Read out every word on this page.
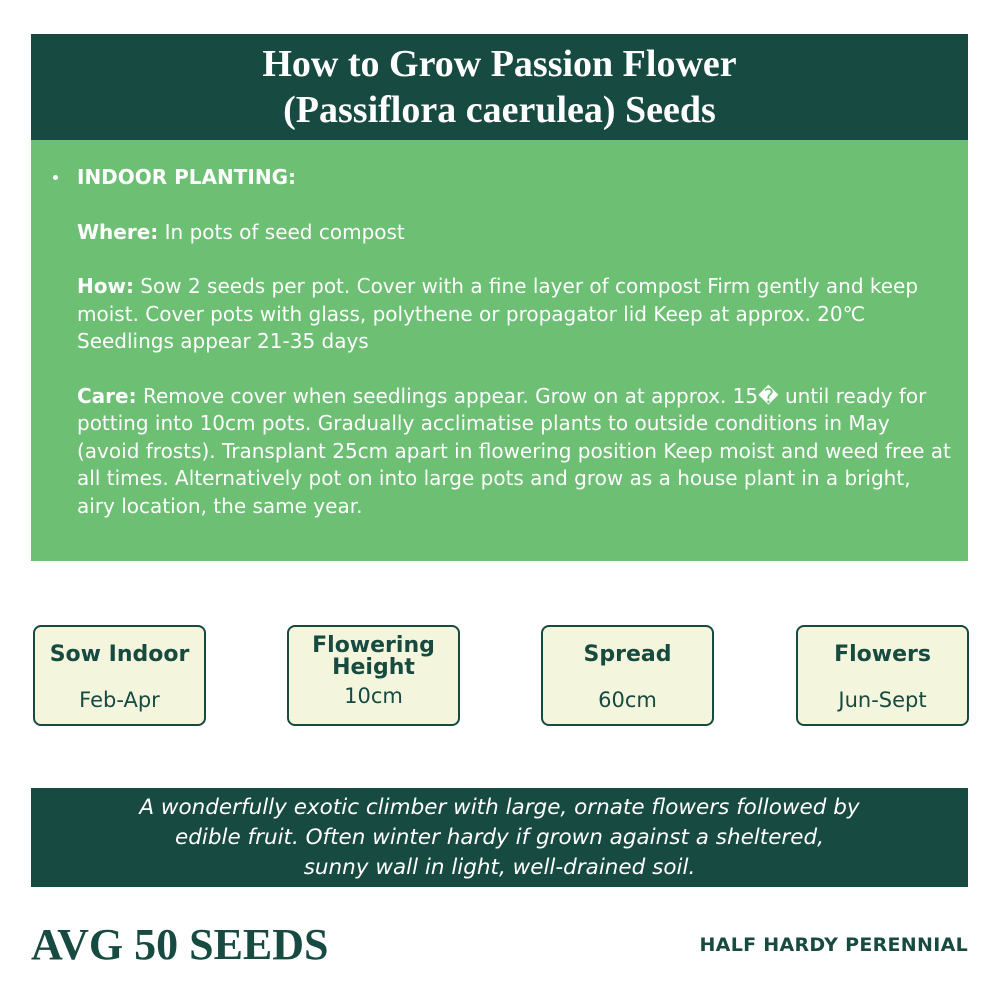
How to Grow Passion Flower
(Passiflora caerulea) Seeds
INDOOR PLANTING:

Where: In pots of seed compost

How: Sow 2 seeds per pot. Cover with a fine layer of compost Firm gently and keep moist. Cover pots with glass, polythene or propagator lid Keep at approx. 20℃ Seedlings appear 21-35 days

Care: Remove cover when seedlings appear. Grow on at approx. 15� until ready for potting into 10cm pots. Gradually acclimatise plants to outside conditions in May (avoid frosts). Transplant 25cm apart in flowering position Keep moist and weed free at all times. Alternatively pot on into large pots and grow as a house plant in a bright, airy location, the same year.

Sow Indoor
Feb-Apr
Flowering Height
10cm
Spread
60cm
Flowers
Jun-Sept
A wonderfully exotic climber with large, ornate flowers followed by
edible fruit. Often winter hardy if grown against a sheltered,
sunny wall in light, well-drained soil.
AVG 50 SEEDS	HALF HARDY PERENNIAL
